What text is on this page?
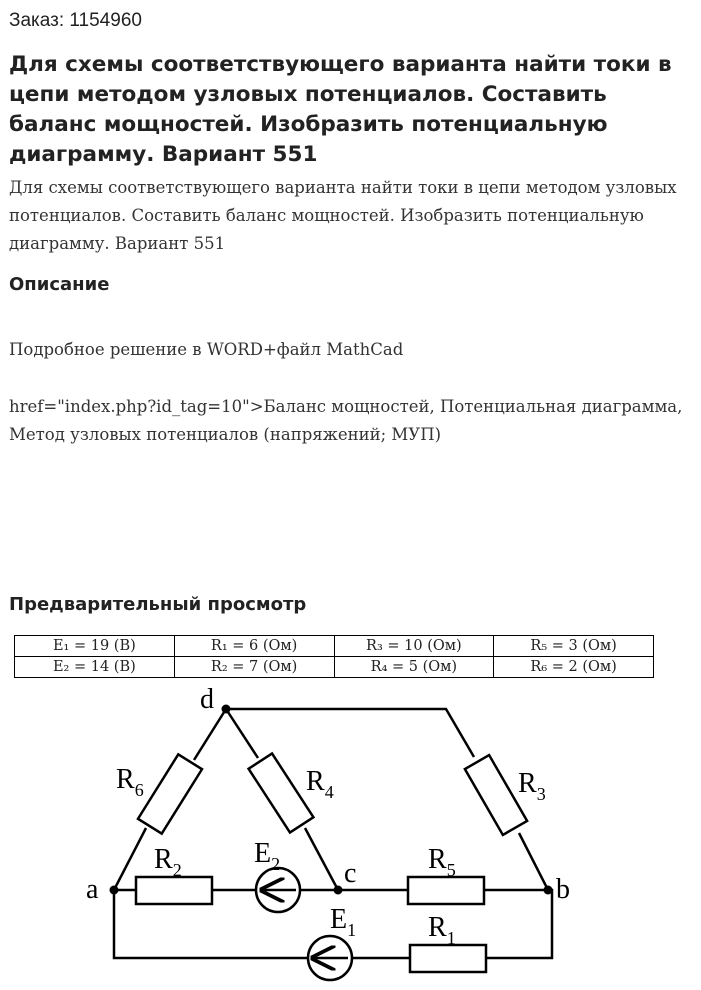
Заказ: 1154960
Для схемы соответствующего варианта найти токи в цепи методом узловых потенциалов. Составить баланс мощностей. Изобразить потенциальную диаграмму. Вариант 551
Для схемы соответствующего варианта найти токи в цепи методом узловых потенциалов. Составить баланс мощностей. Изобразить потенциальную диаграмму. Вариант 551
Описание
Подробное решение в WORD+файл MathCad
href="index.php?id_tag=10">Баланс мощностей, Потенциальная диаграмма, Метод узловых потенциалов (напряжений; МУП)
Предварительный просмотр
E₁ = 19 (В)	R₁ = 6 (Ом)	R₃ = 10 (Ом)	R₅ = 3 (Ом)
E₂ = 14 (В)	R₂ = 7 (Ом)	R₄ = 5 (Ом)	R₆ = 2 (Ом)
d
a
c
b
$R_6$	$R_4$	$R_3$
$R_2$
$E_2$	$R_5$
$E_1$	$R_1$
